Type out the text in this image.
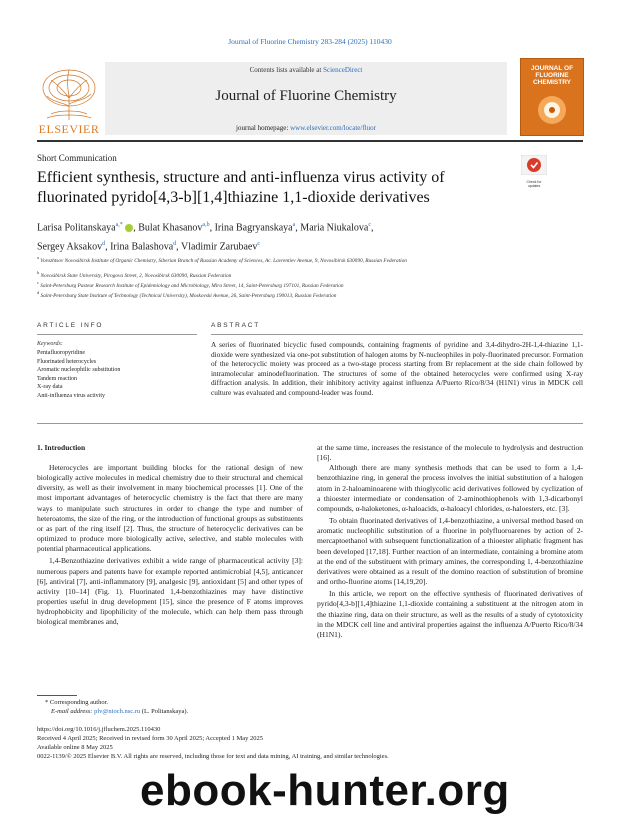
Journal of Fluorine Chemistry 283-284 (2025) 110430
ELSEVIER
Contents lists available at ScienceDirect
Journal of Fluorine Chemistry
journal homepage: www.elsevier.com/locate/fluor
JOURNAL OF FLUORINE CHEMISTRY
Short Communication
Efficient synthesis, structure and anti-influenza virus activity of fluorinated pyrido[4,3-b][1,4]thiazine 1,1-dioxide derivatives
Check for updates
Larisa Politanskaya$^{a,*}$ , Bulat Khasanov$^{a,b}$, Irina Bagryanskaya$^a$, Maria Niukalova$^c$,
Sergey Aksakov$^d$, Irina Balashova$^d$, Vladimir Zarubaev$^c$
$^a$ Vorozhtsov Novosibirsk Institute of Organic Chemistry, Siberian Branch of Russian Academy of Sciences, Ac. Lavrentiev Avenue, 9, Novosibirsk 630090, Russian Federation
$^b$ Novosibirsk State University, Pirogova Street, 2, Novosibirsk 630090, Russian Federation
$^c$ Saint-Petersburg Pasteur Research Institute of Epidemiology and Microbiology, Mira Street, 14, Saint-Petersburg 197101, Russian Federation
$^d$ Saint-Petersburg State Institute of Technology (Technical University), Moskovski Avenue, 26, Saint-Petersburg 190013, Russian Federation
ARTICLE INFO
Keywords:
Pentafluoropyridine
Fluorinated heterocycles
Aromatic nucleophilic substitution
Tandem reaction
X-ray data
Anti-influenza virus activity
ABSTRACT
A series of fluorinated bicyclic fused compounds, containing fragments of pyridine and 3,4-dihydro-2H-1,4-thiazine 1,1-dioxide were synthesized via one-pot substitution of halogen atoms by N-nucleophiles in poly-fluorinated precursor. Formation of the heterocyclic moiety was proceed as a two-stage process starting from Br replacement at the side chain followed by intramolecular aminodefluorination. The structures of some of the obtained heterocycles were confirmed using X-ray diffraction analysis. In addition, their inhibitory activity against influenza A/Puerto Rico/8/34 (H1N1) virus in MDCK cell culture was evaluated and compound-leader was found.
1. Introduction

Heterocycles are important building blocks for the rational design of new biologically active molecules in medical chemistry due to their structural and chemical diversity, as well as their involvement in many biochemical processes [1]. One of the most important advantages of heterocyclic chemistry is the fact that there are many ways to manipulate such structures in order to change the type and number of heteroatoms, the size of the ring, or the introduction of functional groups as substituents or as part of the ring itself [2]. Thus, the structure of heterocyclic derivatives can be optimized to produce more biologically active, selective, and stable molecules with potential pharmaceutical applications.

1,4-Benzothiazine derivatives exhibit a wide range of pharmaceutical activity [3]: numerous papers and patents have for example reported antimicrobial [4,5], anticancer [6], antiviral [7], anti-inflammatory [9], analgesic [9], antioxidant [5] and other types of activity [10–14] (Fig. 1). Fluorinated 1,4-benzothiazines may have distinctive properties useful in drug development [15], since the presence of F atoms improves hydrophobicity and lipophilicity of the molecule, which can help them pass through biological membranes and,

at the same time, increases the resistance of the molecule to hydrolysis and destruction [16].

Although there are many synthesis methods that can be used to form a 1,4-benzothiazine ring, in general the process involves the initial substitution of a halogen atom in 2-haloaminoarene with thioglycolic acid derivatives followed by cyclization of a thioester intermediate or condensation of 2-aminothiophenols with 1,3-dicarbonyl compounds, α-haloketones, α-haloacids, α-haloacyl chlorides, α-haloesters, etc. [3].

To obtain fluorinated derivatives of 1,4-benzothiazine, a universal method based on aromatic nucleophilic substitution of a fluorine in polyfluoroarenes by action of 2-mercaptoethanol with subsequent functionalization of a thioester aliphatic fragment has been developed [17,18]. Further reaction of an intermediate, containing a bromine atom at the end of the substituent with primary amines, the corresponding 1, 4-benzothiazine derivatives were obtained as a result of the domino reaction of substitution of bromine and ortho-fluorine atoms [14,19,20].

In this article, we report on the effective synthesis of fluorinated derivatives of pyrido[4,3-b][1,4]thiazine 1,1-dioxide containing a substituent at the nitrogen atom in the thiazine ring, data on their structure, as well as the results of a study of cytotoxicity in the MDCK cell line and antiviral properties against the influenza A/Puerto Rico/8/34 (H1N1).

* Corresponding author.
E-mail address: plv@nioch.nsc.ru (L. Politanskaya).
https://doi.org/10.1016/j.jfluchem.2025.110430
Received 4 April 2025; Received in revised form 30 April 2025; Accepted 1 May 2025
Available online 8 May 2025
0022-1139/© 2025 Elsevier B.V. All rights are reserved, including those for text and data mining, AI training, and similar technologies.
ebook-hunter.org
